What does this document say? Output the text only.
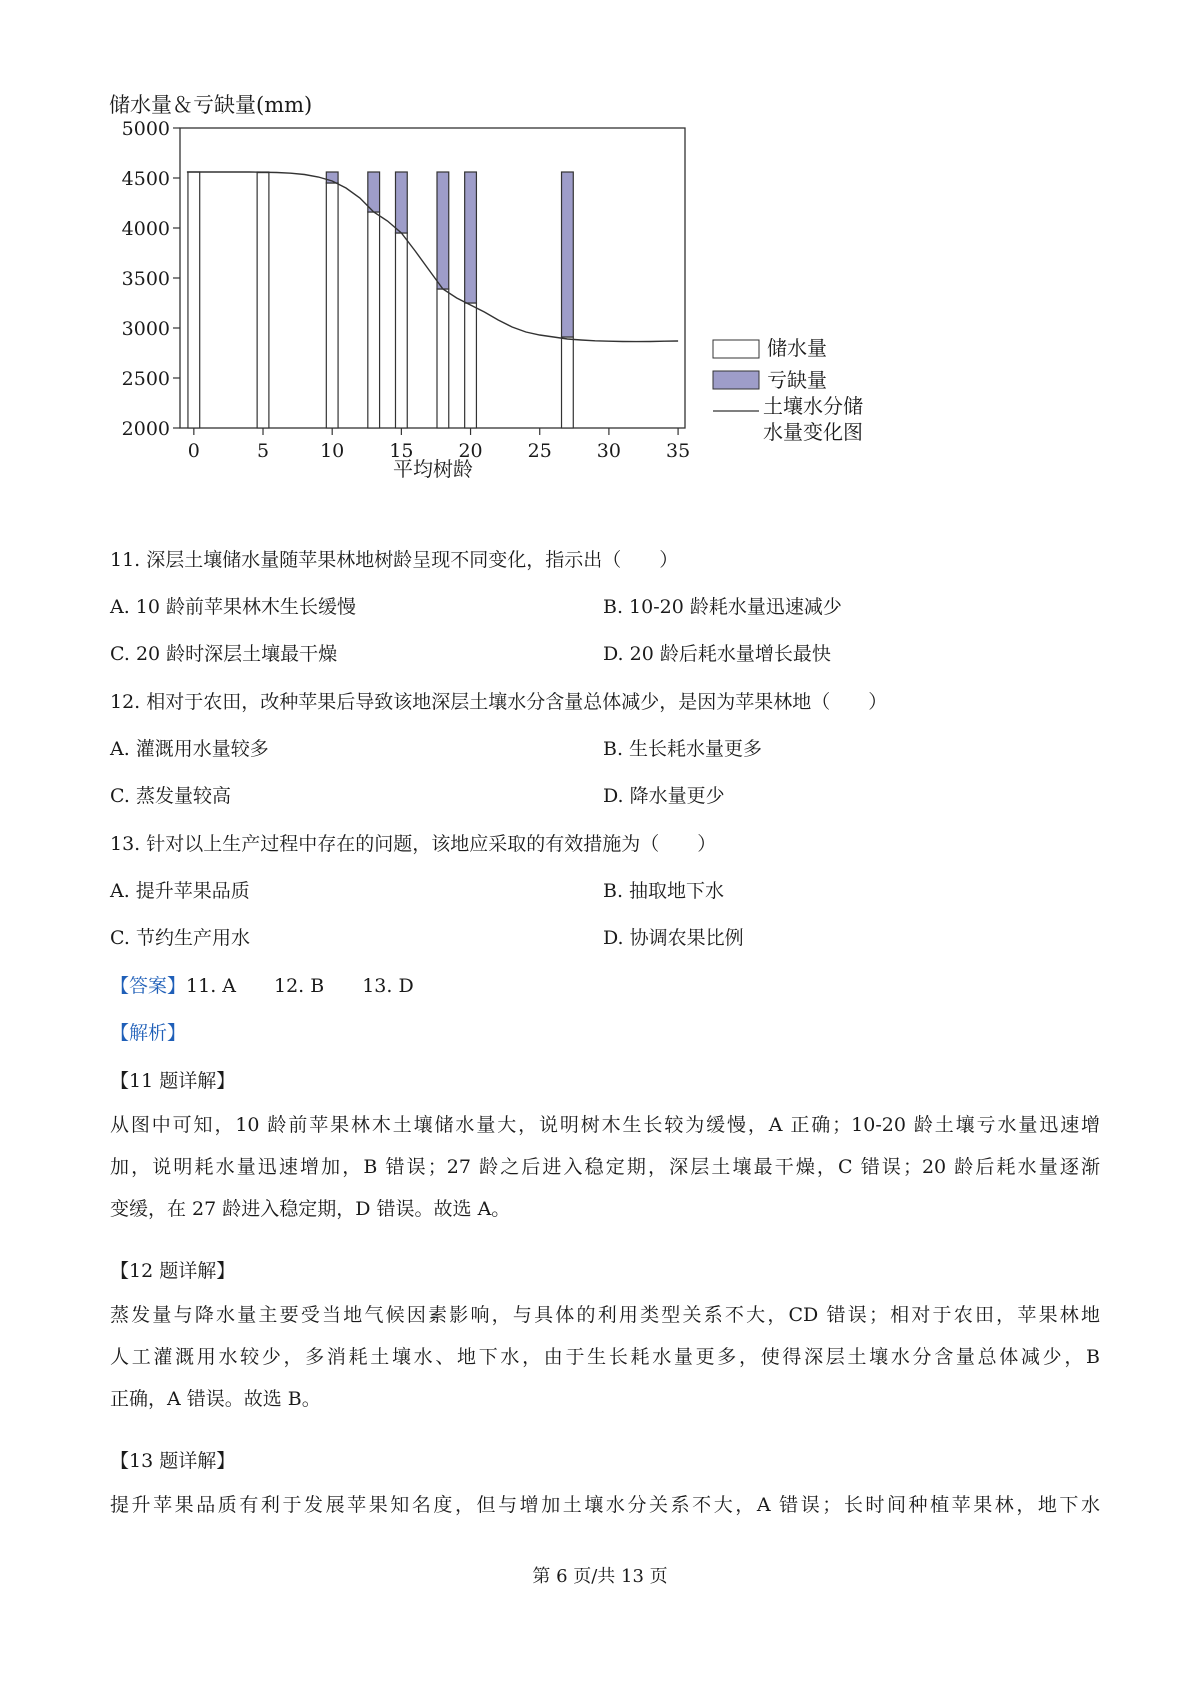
储水量＆亏缺量(mm)
5000
4500
4000
3500
3000
2500
2000
0	5	10 15 20 25 30 35
平均树龄
储水量
亏缺量
土壤水分储
水量变化图
11. 深层土壤储水量随苹果林地树龄呈现不同变化，指示出（　　）
A. 10 龄前苹果林木生长缓慢	B. 10-20 龄耗水量迅速减少
C. 20 龄时深层土壤最干燥	D. 20 龄后耗水量增长最快
12. 相对于农田，改种苹果后导致该地深层土壤水分含量总体减少，是因为苹果林地（　　）
A. 灌溉用水量较多	B. 生长耗水量更多
C. 蒸发量较高	D. 降水量更少
13. 针对以上生产过程中存在的问题，该地应采取的有效措施为（　　）
A. 提升苹果品质	B. 抽取地下水
C. 节约生产用水	D. 协调农果比例
【答案】11. A　　12. B　　13. D
【解析】
【11 题详解】
从图中可知，10 龄前苹果林木土壤储水量大，说明树木生长较为缓慢，A 正确；10-20 龄土壤亏水量迅速增
加，说明耗水量迅速增加，B 错误；27 龄之后进入稳定期，深层土壤最干燥，C 错误；20 龄后耗水量逐渐
变缓，在 27 龄进入稳定期，D 错误。故选 A。
【12 题详解】
蒸发量与降水量主要受当地气候因素影响，与具体的利用类型关系不大，CD 错误；相对于农田，苹果林地
人工灌溉用水较少，多消耗土壤水、地下水，由于生长耗水量更多，使得深层土壤水分含量总体减少，B
正确，A 错误。故选 B。
【13 题详解】
提升苹果品质有利于发展苹果知名度，但与增加土壤水分关系不大，A 错误；长时间种植苹果林，地下水
第 6 页/共 13 页
